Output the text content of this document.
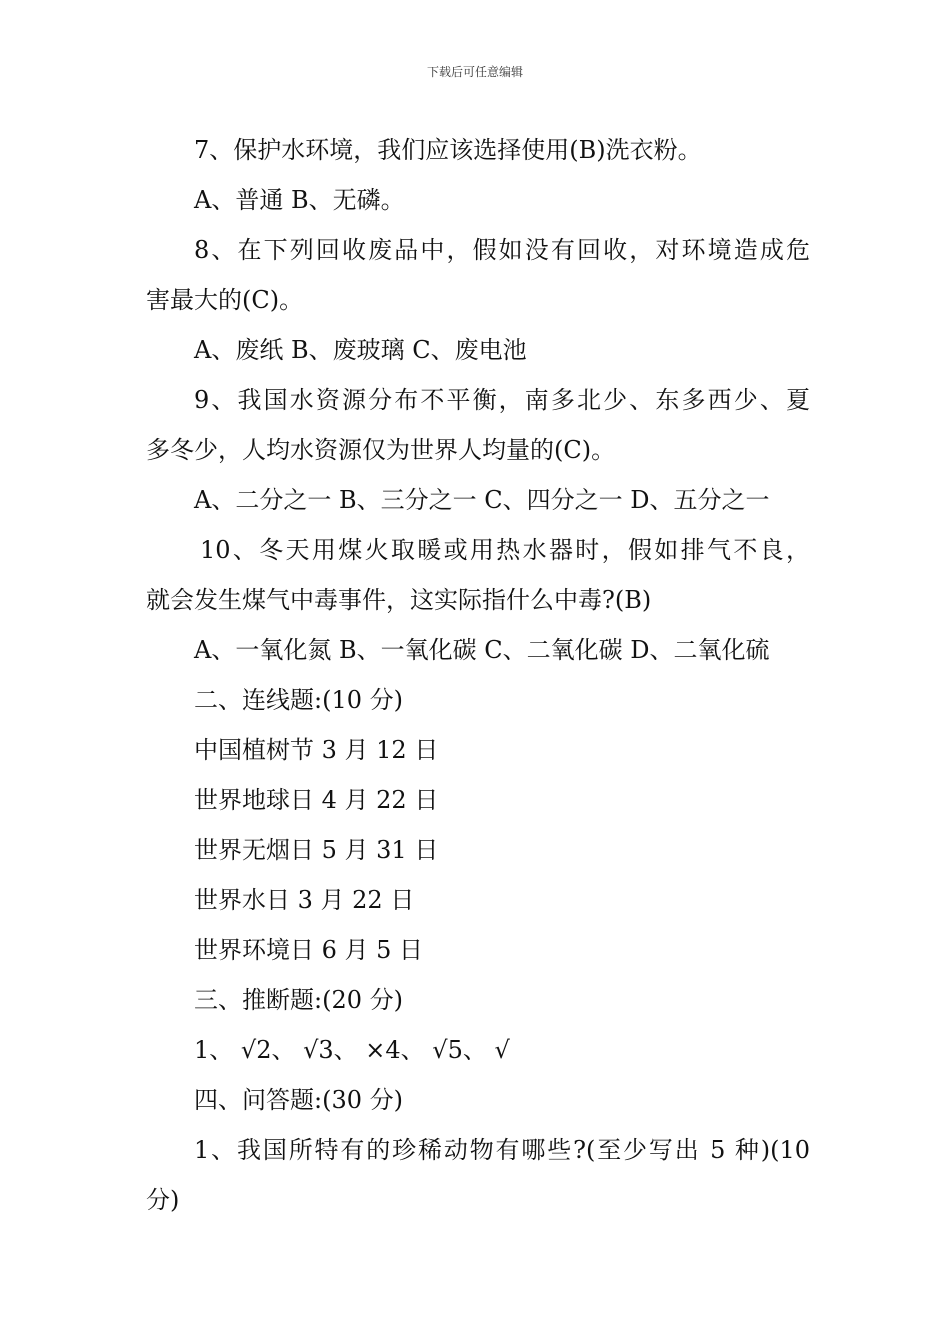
下载后可任意编辑

7、保护水环境，我们应该选择使用(B)洗衣粉。

A、普通 B、无磷。

8、在下列回收废品中，假如没有回收，对环境造成危

害最大的(C)。

A、废纸 B、废玻璃 C、废电池

9、我国水资源分布不平衡，南多北少、东多西少、夏

多冬少，人均水资源仅为世界人均量的(C)。

A、二分之一 B、三分之一 C、四分之一 D、五分之一

10、冬天用煤火取暖或用热水器时，假如排气不良，

就会发生煤气中毒事件，这实际指什么中毒?(B)

A、一氧化氮 B、一氧化碳 C、二氧化碳 D、二氧化硫

二、连线题:(10 分)

中国植树节 3 月 12 日

世界地球日 4 月 22 日

世界无烟日 5 月 31 日

世界水日 3 月 22 日

世界环境日 6 月 5 日

三、推断题:(20 分)

1、 √2、 √3、 ×4、 √5、 √

四、问答题:(30 分)

1、我国所特有的珍稀动物有哪些?(至少写出 5 种)(10

分)
